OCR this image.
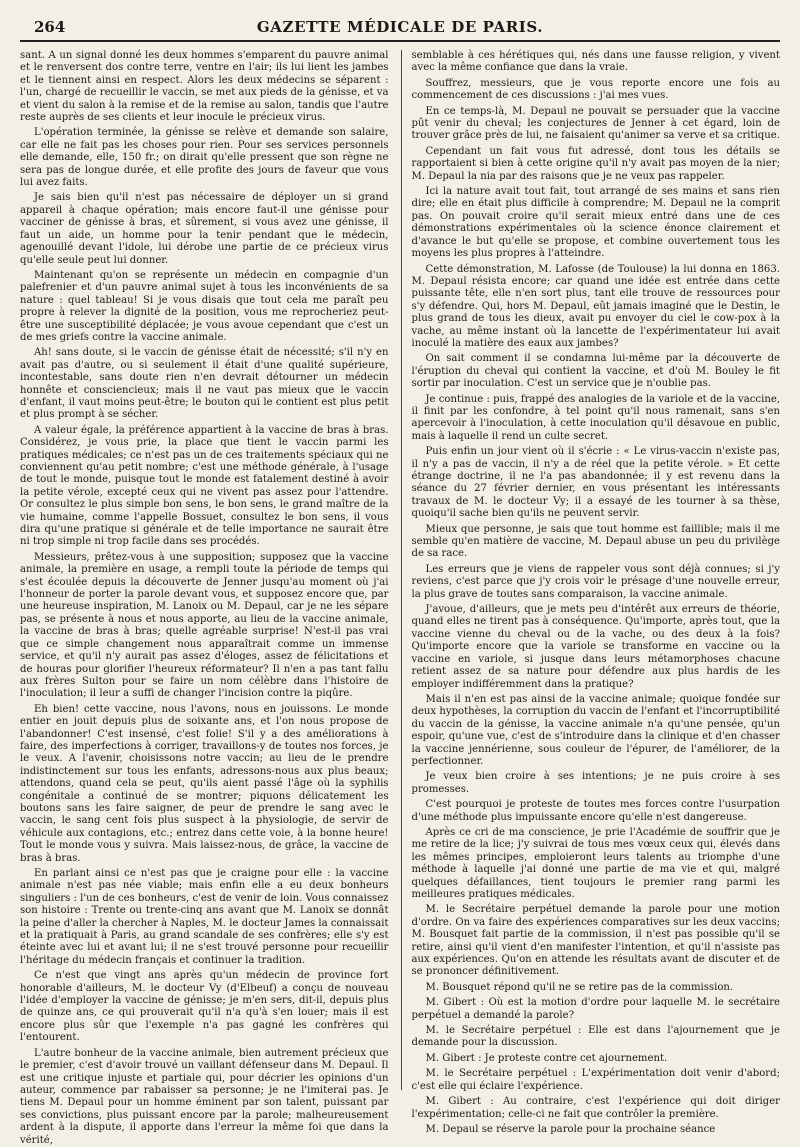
264	GAZETTE MÉDICALE DE PARIS.

sant. A un signal donné les deux hommes s'emparent du pauvre animal et le renversent dos contre terre, ventre en l'air; ils lui lient les jambes et le tiennent ainsi en respect. Alors les deux médecins se séparent : l'un, chargé de recueillir le vaccin, se met aux pieds de la génisse, et va et vient du salon à la remise et de la remise au salon, tandis que l'autre reste auprès de ses clients et leur inocule le précieux virus.

L'opération terminée, la génisse se relève et demande son salaire, car elle ne fait pas les choses pour rien. Pour ses services personnels elle demande, elle, 150 fr.; on dirait qu'elle pressent que son règne ne sera pas de longue durée, et elle profite des jours de faveur que vous lui avez faits.

Je sais bien qu'il n'est pas nécessaire de déployer un si grand appareil à chaque opération; mais encore faut-il une génisse pour vacciner de génisse à bras, et sûrement, si vous avez une génisse, il faut un aide, un homme pour la tenir pendant que le médecin, agenouillé devant l'idole, lui dérobe une partie de ce précieux virus qu'elle seule peut lui donner.

Maintenant qu'on se représente un médecin en compagnie d'un palefrenier et d'un pauvre animal sujet à tous les inconvénients de sa nature : quel tableau! Si je vous disais que tout cela me paraît peu propre à relever la dignité de la position, vous me reprocheriez peut-être une susceptibilité déplacée; je vous avoue cependant que c'est un de mes griefs contre la vaccine animale.

Ah! sans doute, si le vaccin de génisse était de nécessité; s'il n'y en avait pas d'autre, ou si seulement il était d'une qualité supérieure, incontestable, sans doute rien n'en devrait détourner un médecin honnête et consciencieux; mais il ne vaut pas mieux que le vaccin d'enfant, il vaut moins peut-être; le bouton qui le contient est plus petit et plus prompt à se sécher.

A valeur égale, la préférence appartient à la vaccine de bras à bras. Considérez, je vous prie, la place que tient le vaccin parmi les pratiques médicales; ce n'est pas un de ces traitements spéciaux qui ne conviennent qu'au petit nombre; c'est une méthode générale, à l'usage de tout le monde, puisque tout le monde est fatalement destiné à avoir la petite vérole, excepté ceux qui ne vivent pas assez pour l'attendre. Or consultez le plus simple bon sens, le bon sens, le grand maître de la vie humaine, comme l'appelle Bossuet, consultez le bon sens, il vous dira qu'une pratique si générale et de telle importance ne saurait être ni trop simple ni trop facile dans ses procédés.

Messieurs, prêtez-vous à une supposition; supposez que la vaccine animale, la première en usage, a rempli toute la période de temps qui s'est écoulée depuis la découverte de Jenner jusqu'au moment où j'ai l'honneur de porter la parole devant vous, et supposez encore que, par une heureuse inspiration, M. Lanoix ou M. Depaul, car je ne les sépare pas, se présente à nous et nous apporte, au lieu de la vaccine animale, la vaccine de bras à bras; quelle agréable surprise! N'est-il pas vrai que ce simple changement nous apparaîtrait comme un immense service, et qu'il n'y aurait pas assez d'éloges, assez de félicitations et de houras pour glorifier l'heureux réformateur? Il n'en a pas tant fallu aux frères Sulton pour se faire un nom célèbre dans l'histoire de l'inoculation; il leur a suffi de changer l'incision contre la piqûre.

Eh bien! cette vaccine, nous l'avons, nous en jouissons. Le monde entier en jouit depuis plus de soixante ans, et l'on nous propose de l'abandonner! C'est insensé, c'est folie! S'il y a des améliorations à faire, des imperfections à corriger, travaillons-y de toutes nos forces, je le veux. A l'avenir, choisissons notre vaccin; au lieu de le prendre indistinctement sur tous les enfants, adressons-nous aux plus beaux; attendons, quand cela se peut, qu'ils aient passé l'âge où la syphilis congénitale a continué de se montrer; piquons délicatement les boutons sans les faire saigner, de peur de prendre le sang avec le vaccin, le sang cent fois plus suspect à la physiologie, de servir de véhicule aux contagions, etc.; entrez dans cette voie, à la bonne heure! Tout le monde vous y suivra. Mais laissez-nous, de grâce, la vaccine de bras à bras.

En parlant ainsi ce n'est pas que je craigne pour elle : la vaccine animale n'est pas née viable; mais enfin elle a eu deux bonheurs singuliers : l'un de ces bonheurs, c'est de venir de loin. Vous connaissez son histoire : Trente ou trente-cinq ans avant que M. Lanoix se donnât la peine d'aller la chercher à Naples, M. le docteur James la connaissait et la pratiquait à Paris, au grand scandale de ses confrères; elle s'y est éteinte avec lui et avant lui; il ne s'est trouvé personne pour recueillir l'héritage du médecin français et continuer la tradition.

Ce n'est que vingt ans après qu'un médecin de province fort honorable d'ailleurs, M. le docteur Vy (d'Elbeuf) a conçu de nouveau l'idée d'employer la vaccine de génisse; je m'en sers, dit-il, depuis plus de quinze ans, ce qui prouverait qu'il n'a qu'à s'en louer; mais il est encore plus sûr que l'exemple n'a pas gagné les confrères qui l'entourent.

L'autre bonheur de la vaccine animale, bien autrement précieux que le premier, c'est d'avoir trouvé un vaillant défenseur dans M. Depaul. Il est une critique injuste et partiale qui, pour décrier les opinions d'un auteur, commence par rabaisser sa personne; je ne l'imiterai pas. Je tiens M. Depaul pour un homme éminent par son talent, puissant par ses convictions, plus puissant encore par la parole; malheureusement ardent à la dispute, il apporte dans l'erreur la même foi que dans la vérité,

semblable à ces hérétiques qui, nés dans une fausse religion, y vivent avec la même confiance que dans la vraie.

Souffrez, messieurs, que je vous reporte encore une fois au commencement de ces discussions : j'ai mes vues.

En ce temps-là, M. Depaul ne pouvait se persuader que la vaccine pût venir du cheval; les conjectures de Jenner à cet égard, loin de trouver grâce près de lui, ne faisaient qu'animer sa verve et sa critique.

Cependant un fait vous fut adressé, dont tous les détails se rapportaient si bien à cette origine qu'il n'y avait pas moyen de la nier; M. Depaul la nia par des raisons que je ne veux pas rappeler.

Ici la nature avait tout fait, tout arrangé de ses mains et sans rien dire; elle en était plus difficile à comprendre; M. Depaul ne la comprit pas. On pouvait croire qu'il serait mieux entré dans une de ces démonstrations expérimentales où la science énonce clairement et d'avance le but qu'elle se propose, et combine ouvertement tous les moyens les plus propres à l'atteindre.

Cette démonstration, M. Lafosse (de Toulouse) la lui donna en 1863. M. Depaul résista encore; car quand une idée est entrée dans cette puissante tête, elle n'en sort plus, tant elle trouve de ressources pour s'y défendre. Qui, hors M. Depaul, eût jamais imaginé que le Destin, le plus grand de tous les dieux, avait pu envoyer du ciel le cow-pox à la vache, au même instant où la lancette de l'expérimentateur lui avait inoculé la matière des eaux aux jambes?

On sait comment il se condamna lui-même par la découverte de l'éruption du cheval qui contient la vaccine, et d'où M. Bouley le fit sortir par inoculation. C'est un service que je n'oublie pas.

Je continue : puis, frappé des analogies de la variole et de la vaccine, il finit par les confondre, à tel point qu'il nous ramenait, sans s'en apercevoir à l'inoculation, à cette inoculation qu'il désavoue en public, mais à laquelle il rend un culte secret.

Puis enfin un jour vient où il s'écrie : « Le virus-vaccin n'existe pas, il n'y a pas de vaccin, il n'y a de réel que la petite vérole. » Et cette étrange doctrine, il ne l'a pas abandonnée; il y est revenu dans la séance du 27 février dernier, en vous présentant les intéressants travaux de M. le docteur Vy; il a essayé de les tourner à sa thèse, quoiqu'il sache bien qu'ils ne peuvent servir.

Mieux que personne, je sais que tout homme est faillible; mais il me semble qu'en matière de vaccine, M. Depaul abuse un peu du privilège de sa race.

Les erreurs que je viens de rappeler vous sont déjà connues; si j'y reviens, c'est parce que j'y crois voir le présage d'une nouvelle erreur, la plus grave de toutes sans comparaison, la vaccine animale.

J'avoue, d'ailleurs, que je mets peu d'intérêt aux erreurs de théorie, quand elles ne tirent pas à conséquence. Qu'importe, après tout, que la vaccine vienne du cheval ou de la vache, ou des deux à la fois? Qu'importe encore que la variole se transforme en vaccine ou la vaccine en variole, si jusque dans leurs métamorphoses chacune retient assez de sa nature pour défendre aux plus hardis de les employer indifféremment dans la pratique?

Mais il n'en est pas ainsi de la vaccine animale; quoique fondée sur deux hypothèses, la corruption du vaccin de l'enfant et l'incorruptibilité du vaccin de la génisse, la vaccine animale n'a qu'une pensée, qu'un espoir, qu'une vue, c'est de s'introduire dans la clinique et d'en chasser la vaccine jennérienne, sous couleur de l'épurer, de l'améliorer, de la perfectionner.

Je veux bien croire à ses intentions; je ne puis croire à ses promesses.

C'est pourquoi je proteste de toutes mes forces contre l'usurpation d'une méthode plus impuissante encore qu'elle n'est dangereuse.

Après ce cri de ma conscience, je prie l'Académie de souffrir que je me retire de la lice; j'y suivrai de tous mes vœux ceux qui, élevés dans les mêmes principes, emploieront leurs talents au triomphe d'une méthode à laquelle j'ai donné une partie de ma vie et qui, malgré quelques défaillances, tient toujours le premier rang parmi les meilleures pratiques médicales.

M. le Secrétaire perpétuel demande la parole pour une motion d'ordre. On va faire des expériences comparatives sur les deux vaccins; M. Bousquet fait partie de la commission, il n'est pas possible qu'il se retire, ainsi qu'il vient d'en manifester l'intention, et qu'il n'assiste pas aux expériences. Qu'on en attende les résultats avant de discuter et de se prononcer définitivement.

M. Bousquet répond qu'il ne se retire pas de la commission.

M. Gibert : Où est la motion d'ordre pour laquelle M. le secrétaire perpétuel a demandé la parole?

M. le Secrétaire perpétuel : Elle est dans l'ajournement que je demande pour la discussion.

M. Gibert : Je proteste contre cet ajournement.

M. le Secrétaire perpétuel : L'expérimentation doit venir d'abord; c'est elle qui éclaire l'expérience.

M. Gibert : Au contraire, c'est l'expérience qui doit diriger l'expérimentation; celle-ci ne fait que contrôler la première.

M. Depaul se réserve la parole pour la prochaine séance
